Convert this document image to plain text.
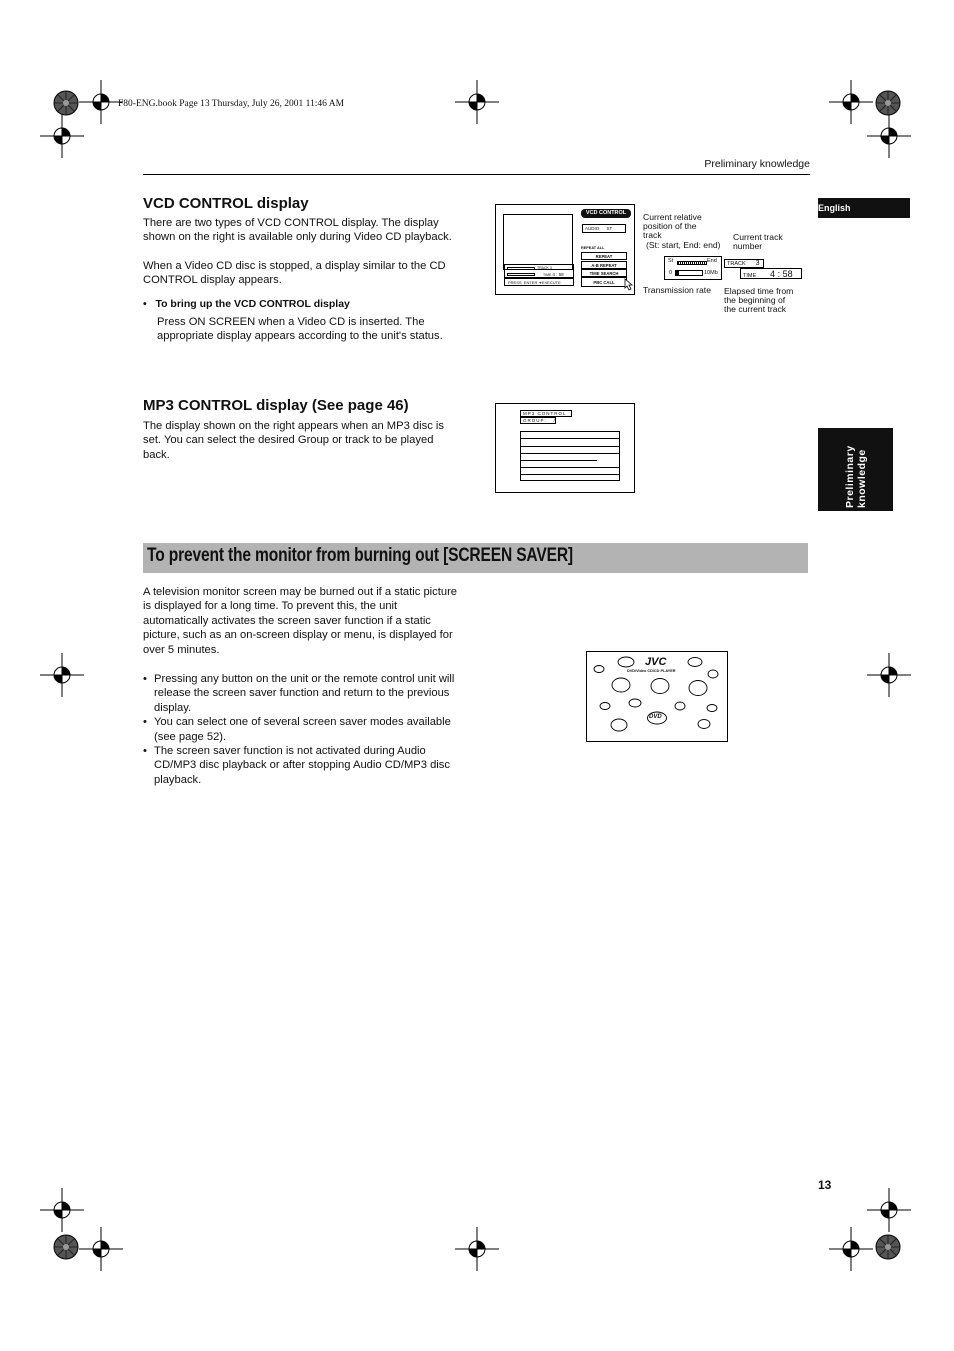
F80-ENG.book Page 13 Thursday, July 26, 2001 11:46 AM
Preliminary knowledge
English
Preliminary knowledge
VCD CONTROL display

There are two types of VCD CONTROL display. The display shown on the right is available only during Video CD playback.

When a Video CD disc is stopped, a display similar to the CD CONTROL display appears.

•   To bring up the VCD CONTROL display

Press ON SCREEN when a Video CD is inserted. The appropriate display appears according to the unit's status.

VCD CONTROL
AUDIO ST
REPEAT ALL
REPEAT
A-B REPEAT
TIME SEARCH
PBC CALL
TRACK 3
TIME 4 : 58
PRESS ENTER ➜EXECUTE
Current relative
position of the
track
(St: start, End: end)
Current track
number
St	End
0	10Mb
TRACK 3
TIME 4 : 58
Transmission rate Elapsed time from
the beginning of
the current track
MP3 CONTROL display (See page 46)

The display shown on the right appears when an MP3 disc is set. You can select the desired Group or track to be played back.

MP3 CONTROL
GROUP:   /
To prevent the monitor from burning out [SCREEN SAVER]

A television monitor screen may be burned out if a static picture is displayed for a long time. To prevent this, the unit automatically activates the screen saver function if a static picture, such as an on-screen display or menu, is displayed for over 5 minutes.

• Pressing any button on the unit or the remote control unit will release the screen saver function and return to the previous display.
• You can select one of several screen saver modes available (see page 52).
• The screen saver function is not activated during Audio CD/MP3 disc playback or after stopping Audio CD/MP3 disc playback.
JVC
DVD/Video CD/CD PLAYER
DVD
13
